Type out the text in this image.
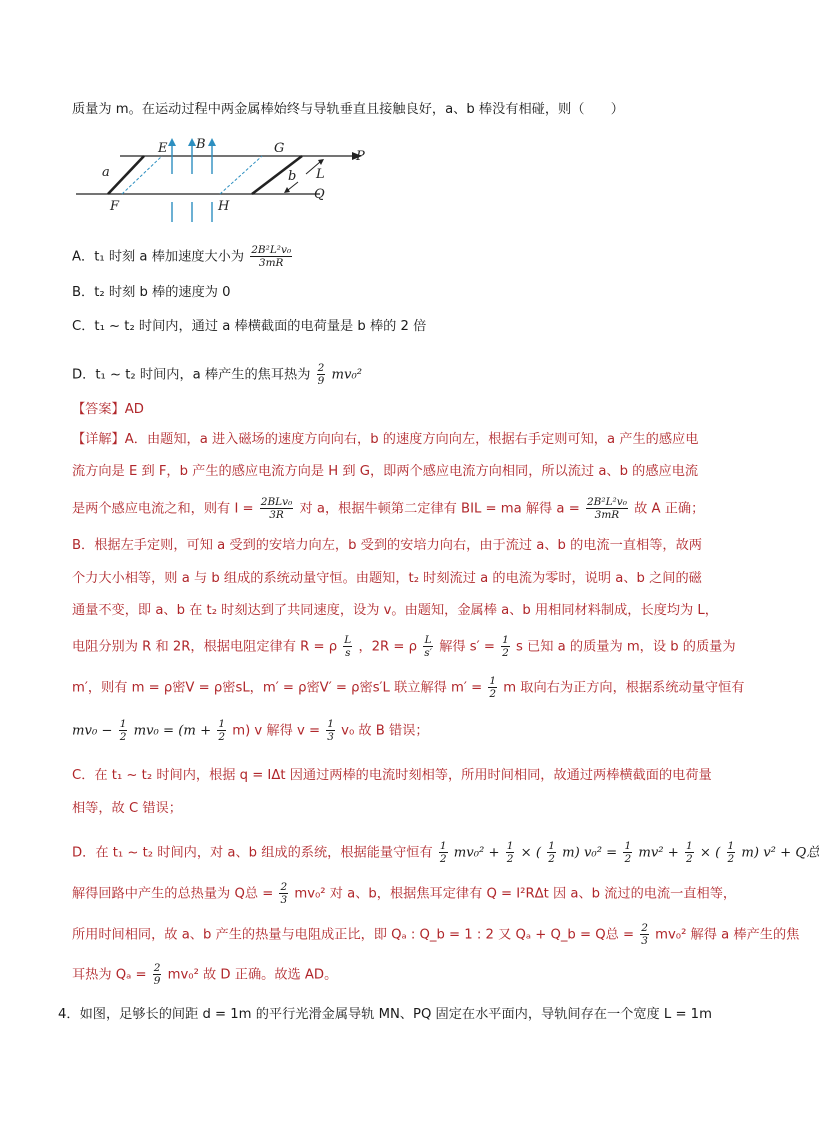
质量为 m。在运动过程中两金属棒始终与导轨垂直且接触良好，a、b 棒没有相碰，则（　　）
E B	G
P
a	b L
Q
F	H
A．t₁ 时刻 a 棒加速度大小为 $\frac{\text{2B²L²v₀}}{3mR}$
B．t₂ 时刻 b 棒的速度为 0
C．t₁ ~ t₂ 时间内，通过 a 棒横截面的电荷量是 b 棒的 2 倍
D．t₁ ~ t₂ 时间内，a 棒产生的焦耳热为 $\frac{2}{9} mv_0^2$
【答案】AD
【详解】A．由题知，a 进入磁场的速度方向向右，b 的速度方向向左，根据右手定则可知，a 产生的感应电
流方向是 E 到 F，b 产生的感应电流方向是 H 到 G，即两个感应电流方向相同，所以流过 a、b 的感应电流
是两个感应电流之和，则有 $I = \frac{\text{2BLv₀}}{3R}$ 对 a，根据牛顿第二定律有 BIL = ma 解得 $a = \frac{\text{2B²L²v₀}}{3mR}$ 故 A 正确；
B．根据左手定则，可知 a 受到的安培力向左，b 受到的安培力向右，由于流过 a、b 的电流一直相等，故两
个力大小相等，则 a 与 b 组成的系统动量守恒。由题知，t₂ 时刻流过 a 的电流为零时，说明 a、b 之间的磁
通量不变，即 a、b 在 t₂ 时刻达到了共同速度，设为 v。由题知，金属棒 a、b 用相同材料制成，长度均为 L，
电阻分别为 R 和 2R，根据电阻定律有 R = ρ $\frac{L}{s}$ ，2R = ρ $\frac{L}{s'}$ 解得 $s' = \frac{1}{2}$ s 已知 a 的质量为 m，设 b 的质量为
m′，则有 m = ρ密V = ρ密sL，m′ = ρ密V′ = ρ密s′L 联立解得 $m' = \frac{1}{2}$ m 取向右为正方向，根据系统动量守恒有
$mv_0 - \frac{1}{2} mv_0 = (m + \frac{1}{2} m)$ v 解得 $v = \frac{1}{3} v_0$ 故 B 错误；
C．在 t₁ ~ t₂ 时间内，根据 q = IΔt 因通过两棒的电流时刻相等，所用时间相同，故通过两棒横截面的电荷量
相等，故 C 错误；
D．在 t₁ ~ t₂ 时间内，对 a、b 组成的系统，根据能量守恒有 $\frac{1}{2} mv_0^2 + \frac{1}{2}$ × ( $\frac{1}{2} m$) $v_0^2 = \frac{1}{2} mv^2 + \frac{1}{2}$ × ( $\frac{1}{2} m$) v² + Q总
解得回路中产生的总热量为 Q总 = $\frac{2}{3} mv_0^2$ 对 a、b，根据焦耳定律有 Q = I²RΔt 因 a、b 流过的电流一直相等，
所用时间相同，故 a、b 产生的热量与电阻成正比，即 Qₐ : Q_b = 1 : 2 又 Qₐ + Q_b = Q总 = $\frac{2}{3} mv_0^2$ 解得 a 棒产生的焦
耳热为 $Q_a = \frac{2}{9} mv_0^2$ 故 D 正确。故选 AD。
4．如图，足够长的间距 d = 1m 的平行光滑金属导轨 MN、PQ 固定在水平面内，导轨间存在一个宽度 L = 1m
